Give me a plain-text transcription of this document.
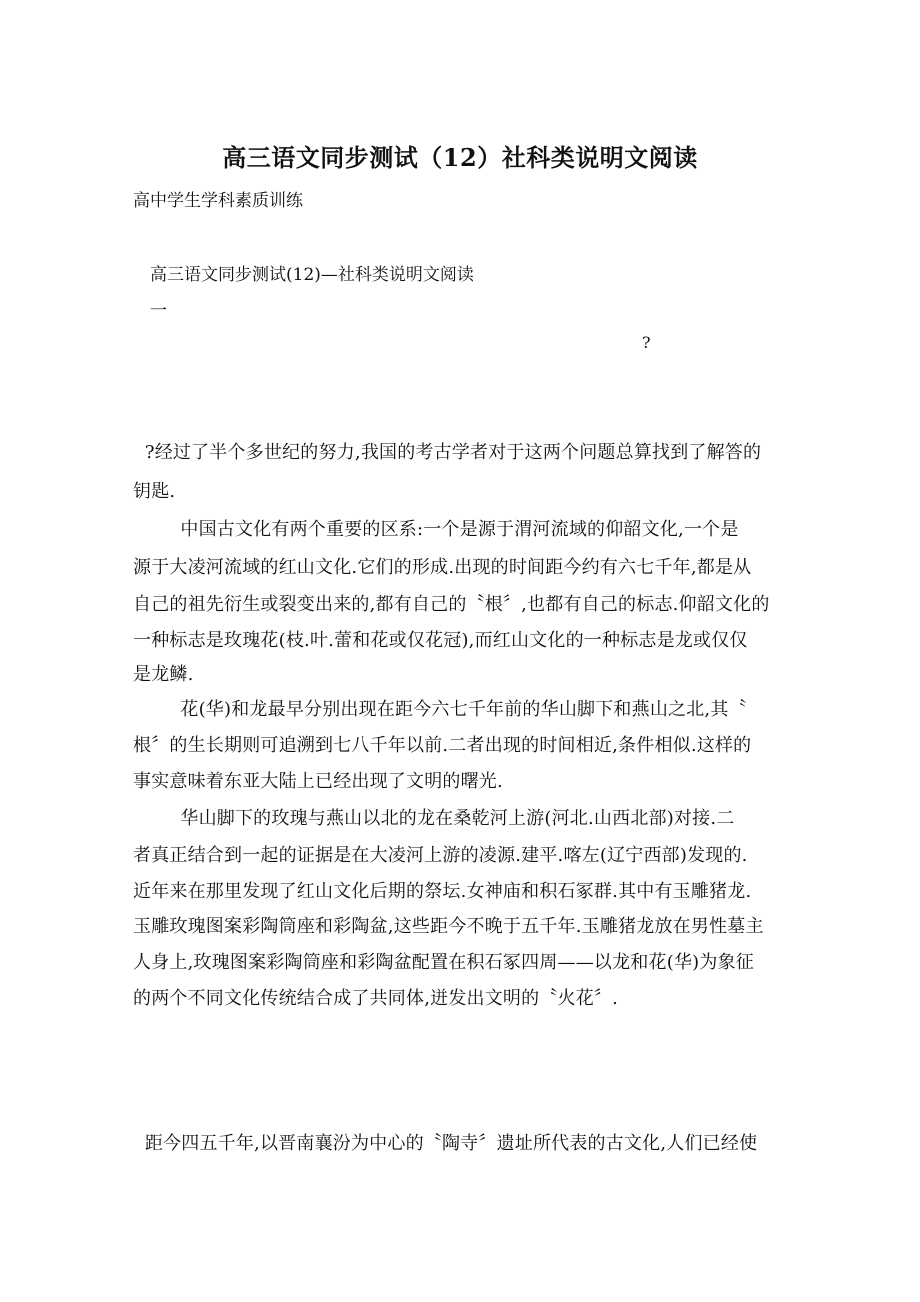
高三语文同步测试（12）社科类说明文阅读
高中学生学科素质训练
高三语文同步测试(12)—社科类说明文阅读
一
?
?经过了半个多世纪的努力,我国的考古学者对于这两个问题总算找到了解答的
钥匙.
中国古文化有两个重要的区系:一个是源于渭河流域的仰韶文化,一个是
源于大凌河流域的红山文化.它们的形成.出现的时间距今约有六七千年,都是从
自己的祖先衍生或裂变出来的,都有自己的〝根〞,也都有自己的标志.仰韶文化的
一种标志是玫瑰花(枝.叶.蕾和花或仅花冠),而红山文化的一种标志是龙或仅仅
是龙鳞.
花(华)和龙最早分别出现在距今六七千年前的华山脚下和燕山之北,其〝
根〞的生长期则可追溯到七八千年以前.二者出现的时间相近,条件相似.这样的
事实意味着东亚大陆上已经出现了文明的曙光.
华山脚下的玫瑰与燕山以北的龙在桑乾河上游(河北.山西北部)对接.二
者真正结合到一起的证据是在大凌河上游的凌源.建平.喀左(辽宁西部)发现的.
近年来在那里发现了红山文化后期的祭坛.女神庙和积石冢群.其中有玉雕猪龙.
玉雕玫瑰图案彩陶筒座和彩陶盆,这些距今不晚于五千年.玉雕猪龙放在男性墓主
人身上,玫瑰图案彩陶筒座和彩陶盆配置在积石冢四周——以龙和花(华)为象征
的两个不同文化传统结合成了共同体,迸发出文明的〝火花〞.
距今四五千年,以晋南襄汾为中心的〝陶寺〞遗址所代表的古文化,人们已经使
